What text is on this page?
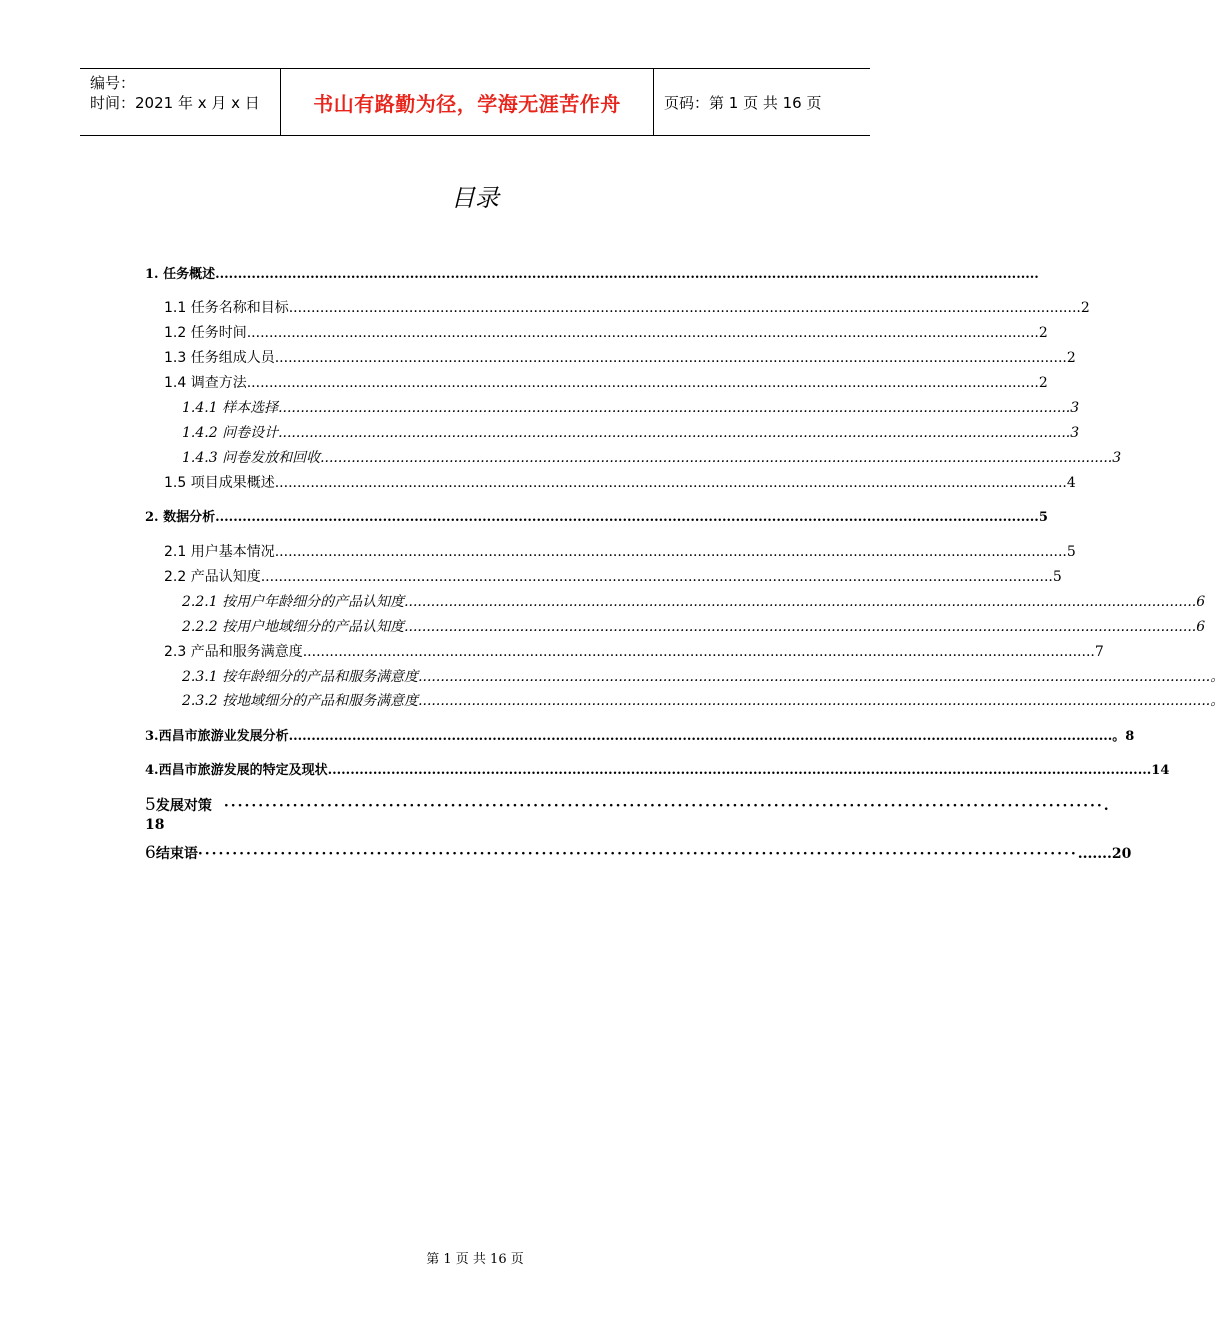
编号：
时间：2021 年 x 月 x 日	书山有路勤为径，学海无涯苦作舟	页码：第 1 页 共 16 页
目录
1. 任务概述 ......................................................................................................................................................................................
1.1 任务名称和目标 .................................................................................................................................................................................. 2
1.2 任务时间 .................................................................................................................................................................................. 2
1.3 任务组成人员 .................................................................................................................................................................................. 2
1.4 调查方法 .................................................................................................................................................................................. 2
1.4.1 样本选择 .................................................................................................................................................................................. 3
1.4.2 问卷设计 .................................................................................................................................................................................. 3
1.4.3 问卷发放和回收 .................................................................................................................................................................................. 3
1.5 项目成果概述 .................................................................................................................................................................................. 4
2. 数据分析 ...................................................................................................................................................................................... 5
2.1 用户基本情况 .................................................................................................................................................................................. 5
2.2 产品认知度 .................................................................................................................................................................................. 5
2.2.1 按用户年龄细分的产品认知度 .................................................................................................................................................................................. 6
2.2.2 按用户地域细分的产品认知度 .................................................................................................................................................................................. 6
2.3 产品和服务满意度 .................................................................................................................................................................................. 7
2.3.1 按年龄细分的产品和服务满意度 .................................................................................................................................................................................. 。
2.3.2 按地域细分的产品和服务满意度 .................................................................................................................................................................................. 。
3.西昌市旅游业发展分析 ...................................................................................................................................................................................... 。8
4.西昌市旅游发展的特定及现状 ...................................................................................................................................................................................... 14
5 发展对策 ································································································································ .
18
6 结束语 ································································································································ .......20
第 1 页 共 16 页
